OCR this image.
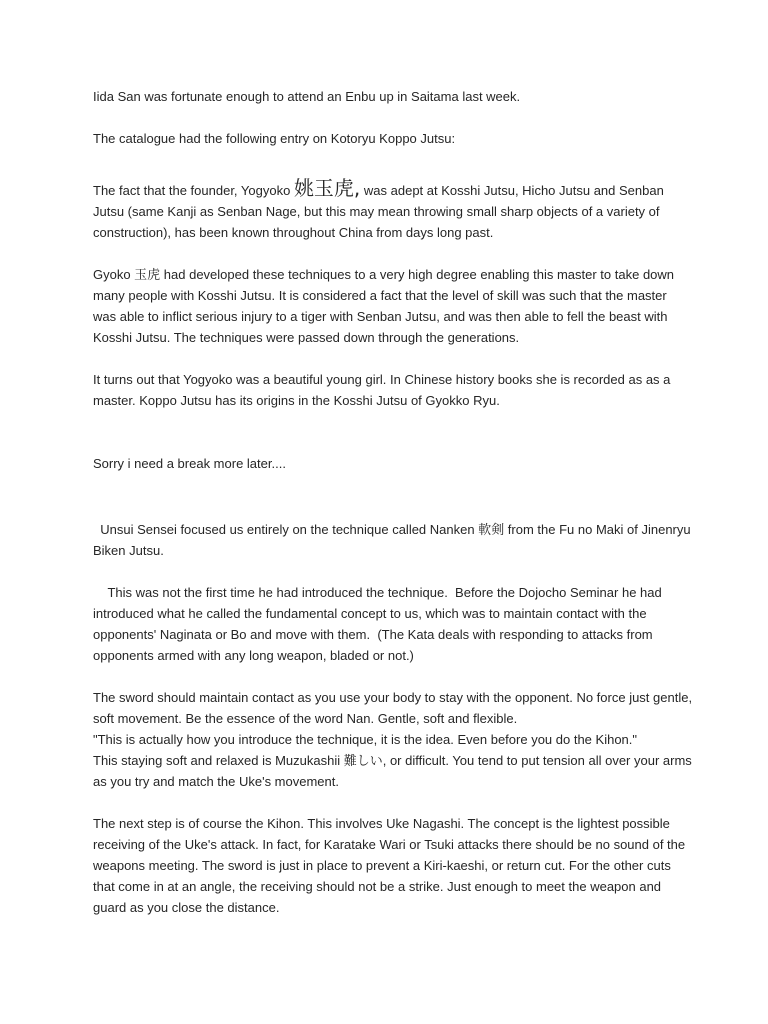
Iida San was fortunate enough to attend an Enbu up in Saitama last week.

The catalogue had the following entry on Kotoryu Koppo Jutsu:

The fact that the founder, Yogyoko 姚玉虎, was adept at Kosshi Jutsu, Hicho Jutsu and Senban Jutsu (same Kanji as Senban Nage, but this may mean throwing small sharp objects of a variety of construction), has been known throughout China from days long past.

Gyoko 玉虎 had developed these techniques to a very high degree enabling this master to take down many people with Kosshi Jutsu. It is considered a fact that the level of skill was such that the master was able to inflict serious injury to a tiger with Senban Jutsu, and was then able to fell the beast with Kosshi Jutsu. The techniques were passed down through the generations.

It turns out that Yogyoko was a beautiful young girl. In Chinese history books she is recorded as as a master. Koppo Jutsu has its origins in the Kosshi Jutsu of Gyokko Ryu.

Sorry i need a break more later....

Unsui Sensei focused us entirely on the technique called Nanken 軟剣 from the Fu no Maki of Jinenryu Biken Jutsu.

This was not the first time he had introduced the technique.  Before the Dojocho Seminar he had introduced what he called the fundamental concept to us, which was to maintain contact with the opponents' Naginata or Bo and move with them.  (The Kata deals with responding to attacks from opponents armed with any long weapon, bladed or not.)

The sword should maintain contact as you use your body to stay with the opponent. No force just gentle, soft movement. Be the essence of the word Nan. Gentle, soft and flexible.

"This is actually how you introduce the technique, it is the idea. Even before you do the Kihon."

This staying soft and relaxed is Muzukashii 難しい, or difficult. You tend to put tension all over your arms as you try and match the Uke's movement.

The next step is of course the Kihon. This involves Uke Nagashi. The concept is the lightest possible receiving of the Uke's attack. In fact, for Karatake Wari or Tsuki attacks there should be no sound of the weapons meeting. The sword is just in place to prevent a Kiri-kaeshi, or return cut. For the other cuts that come in at an angle, the receiving should not be a strike. Just enough to meet the weapon and guard as you close the distance.
